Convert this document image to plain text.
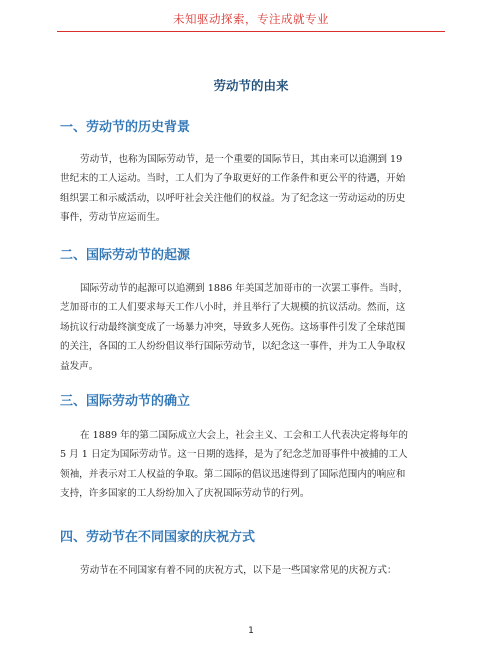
未知驱动探索，专注成就专业
劳动节的由来
一、劳动节的历史背景
劳动节，也称为国际劳动节，是一个重要的国际节日，其由来可以追溯到 19
世纪末的工人运动。当时，工人们为了争取更好的工作条件和更公平的待遇，开始
组织罢工和示威活动，以呼吁社会关注他们的权益。为了纪念这一劳动运动的历史
事件，劳动节应运而生。
二、国际劳动节的起源
国际劳动节的起源可以追溯到 1886 年美国芝加哥市的一次罢工事件。当时，
芝加哥市的工人们要求每天工作八小时，并且举行了大规模的抗议活动。然而，这
场抗议行动最终演变成了一场暴力冲突，导致多人死伤。这场事件引发了全球范围
的关注，各国的工人纷纷倡议举行国际劳动节，以纪念这一事件，并为工人争取权
益发声。
三、国际劳动节的确立
在 1889 年的第二国际成立大会上，社会主义、工会和工人代表决定将每年的
5 月 1 日定为国际劳动节。这一日期的选择，是为了纪念芝加哥事件中被捕的工人
领袖，并表示对工人权益的争取。第二国际的倡议迅速得到了国际范围内的响应和
支持，许多国家的工人纷纷加入了庆祝国际劳动节的行列。
四、劳动节在不同国家的庆祝方式
劳动节在不同国家有着不同的庆祝方式，以下是一些国家常见的庆祝方式：
1
